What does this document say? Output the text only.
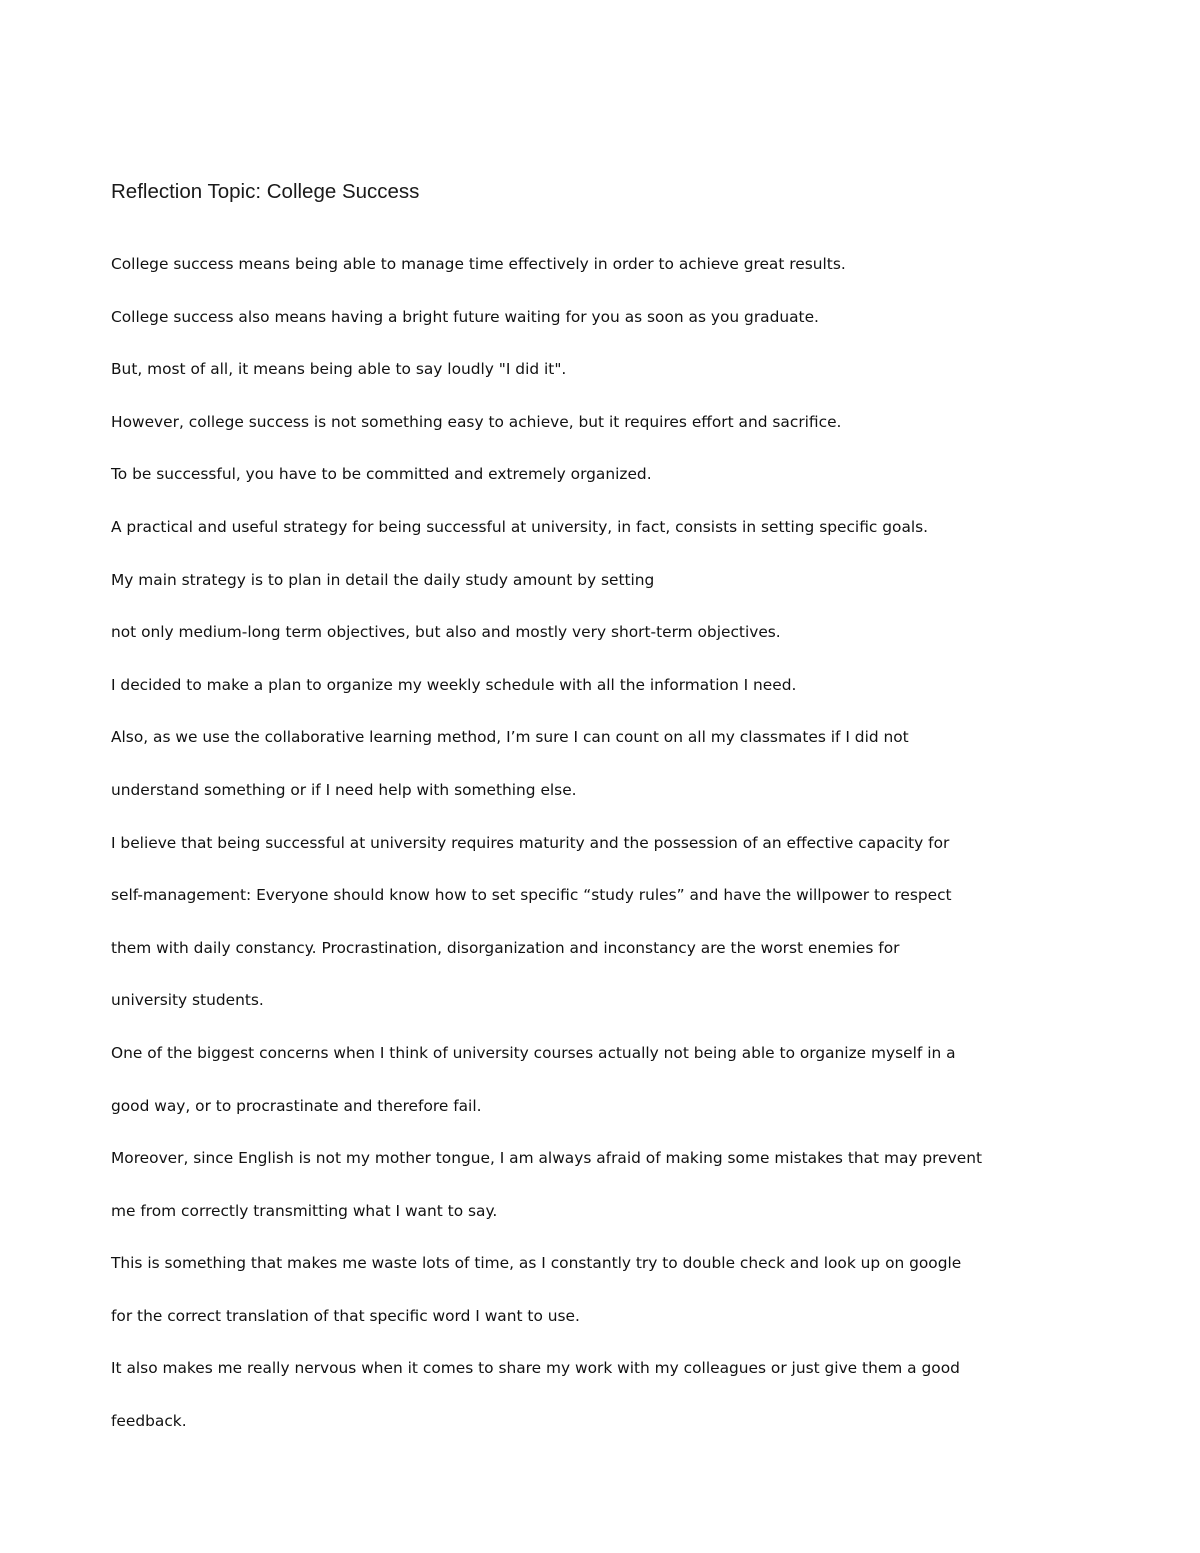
Reflection Topic: College Success

College success means being able to manage time effectively in order to achieve great results.

College success also means having a bright future waiting for you as soon as you graduate.

But, most of all, it means being able to say loudly "I did it".

However, college success is not something easy to achieve, but it requires effort and sacrifice.

To be successful, you have to be committed and extremely organized.

A practical and useful strategy for being successful at university, in fact, consists in setting specific goals.

My main strategy is to plan in detail the daily study amount by setting

not only medium-long term objectives, but also and mostly very short-term objectives.

I decided to make a plan to organize my weekly schedule with all the information I need.

Also, as we use the collaborative learning method, I’m sure I can count on all my classmates if I did not

understand something or if I need help with something else.

I believe that being successful at university requires maturity and the possession of an effective capacity for

self-management: Everyone should know how to set specific “study rules” and have the willpower to respect

them with daily constancy. Procrastination, disorganization and inconstancy are the worst enemies for

university students.

One of the biggest concerns when I think of university courses actually not being able to organize myself in a

good way, or to procrastinate and therefore fail.

Moreover, since English is not my mother tongue, I am always afraid of making some mistakes that may prevent

me from correctly transmitting what I want to say.

This is something that makes me waste lots of time, as I constantly try to double check and look up on google

for the correct translation of that specific word I want to use.

It also makes me really nervous when it comes to share my work with my colleagues or just give them a good

feedback.
